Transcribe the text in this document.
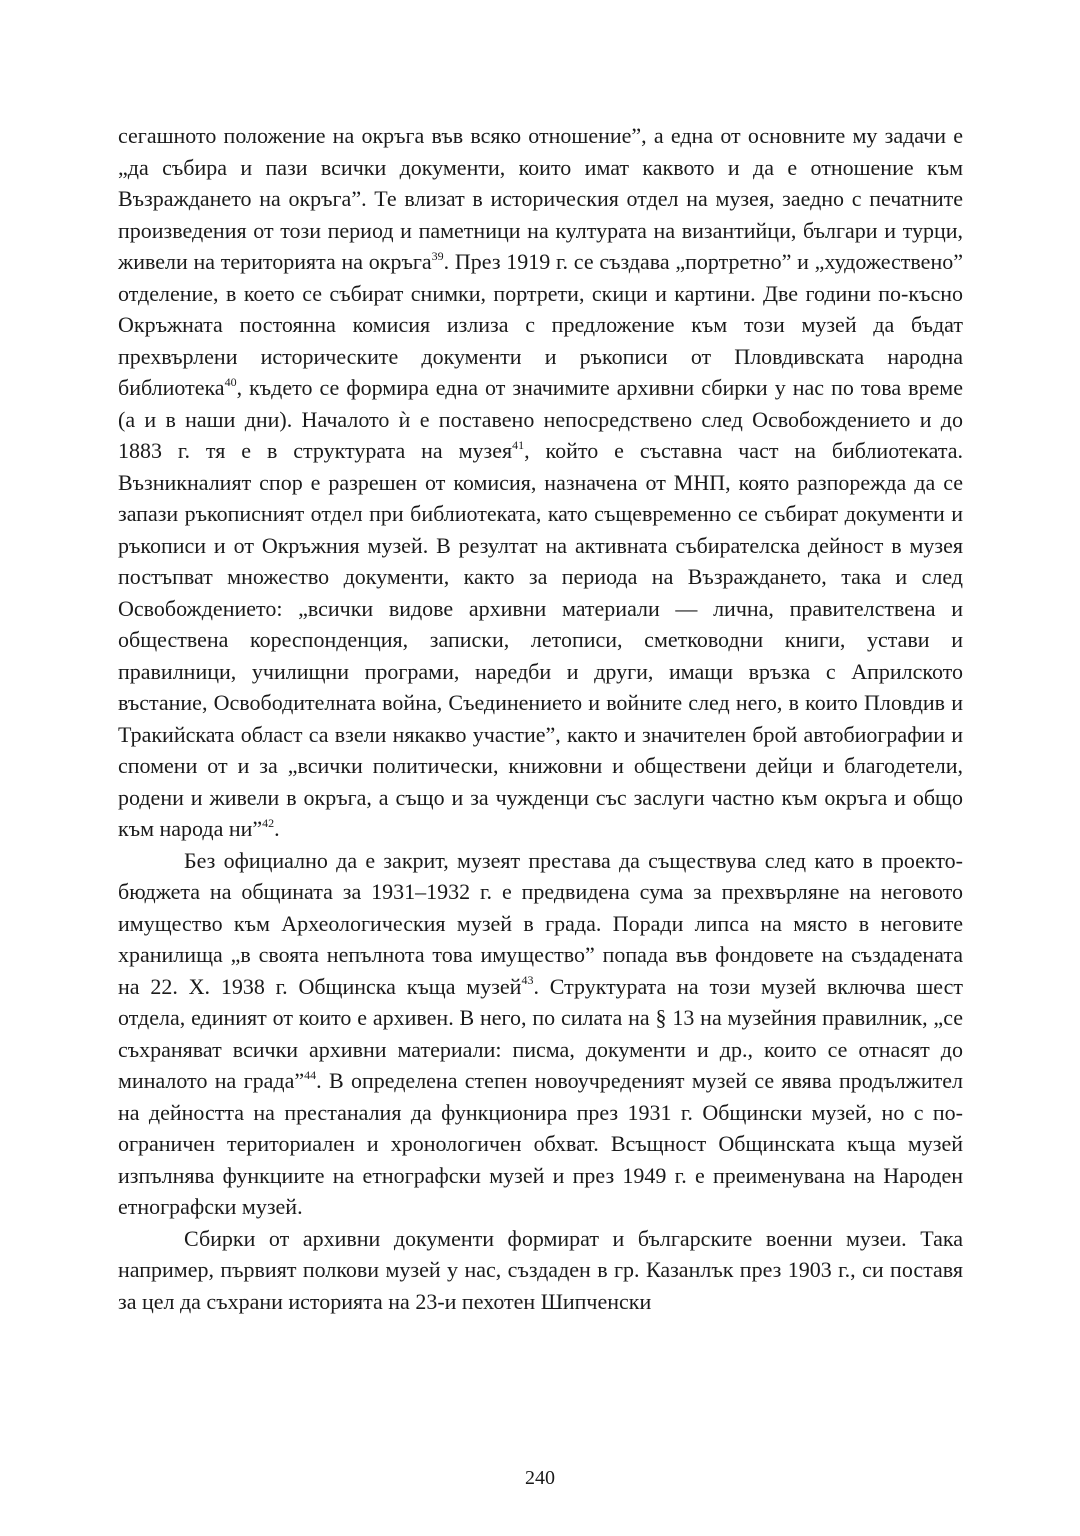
сегашното положение на окръга във всяко отношение”, а една от основните му задачи е „да събира и пази всички документи, които имат каквото и да е отношение към Възраждането на окръга”. Те влизат в историческия отдел на музея, заедно с печатните произведения от този период и паметници на културата на византийци, българи и турци, живели на територията на окръга$^{39}$. През 1919 г. се създава „портретно” и „художествено” отделение, в което се събират снимки, портрети, скици и картини. Две години по-късно Окръжната постоянна комисия излиза с предложение към този музей да бъдат прехвърлени историческите документи и ръкописи от Пловдивската народна библиотека$^{40}$, където се формира една от значимите архивни сбирки у нас по това време (а и в наши дни). Началото ѝ е поставено непосредствено след Освобождението и до 1883 г. тя е в структурата на музея$^{41}$, който е съставна част на библиотеката. Възникналият спор е разрешен от комисия, назначена от МНП, която разпорежда да се запази ръкописният отдел при библиотеката, като същевременно се събират документи и ръкописи и от Окръжния музей. В резултат на активната събирателска дейност в музея постъпват множество документи, както за периода на Възраждането, така и след Освобождението: „всички видове архивни материали — лична, правителствена и обществена кореспонденция, записки, летописи, сметководни книги, устави и правилници, училищни програми, наредби и други, имащи връзка с Априлското въстание, Освободителната война, Съединението и войните след него, в които Пловдив и Тракийската област са взели някакво участие”, както и значителен брой автобиографии и спомени от и за „всички политически, книжовни и обществени дейци и благодетели, родени и живели в окръга, а също и за чужденци със заслуги частно към окръга и общо към народа ни”$^{42}$.

Без официално да е закрит, музеят престава да съществува след като в проекто-бюджета на общината за 1931–1932 г. е предвидена сума за прехвърляне на неговото имущество към Археологическия музей в града. Поради липса на място в неговите хранилища „в своята непълнота това имущество” попада във фондовете на създадената на 22. X. 1938 г. Общинска къща музей$^{43}$. Структурата на този музей включва шест отдела, единият от които е архивен. В него, по силата на § 13 на музейния правилник, „се съхраняват всички архивни материали: писма, документи и др., които се отнасят до миналото на града”$^{44}$. В определена степен новоучреденият музей се явява продължител на дейността на престаналия да функционира през 1931 г. Общински музей, но с поограничен териториален и хронологичен обхват. Всъщност Общинската къща музей изпълнява функциите на етнографски музей и през 1949 г. е преименувана на Народен етнографски музей.

Сбирки от архивни документи формират и българските военни музеи. Така например, първият полкови музей у нас, създаден в гр. Казанлък през 1903 г., си поставя за цел да съхрани историята на 23-и пехотен Шипченски

240
